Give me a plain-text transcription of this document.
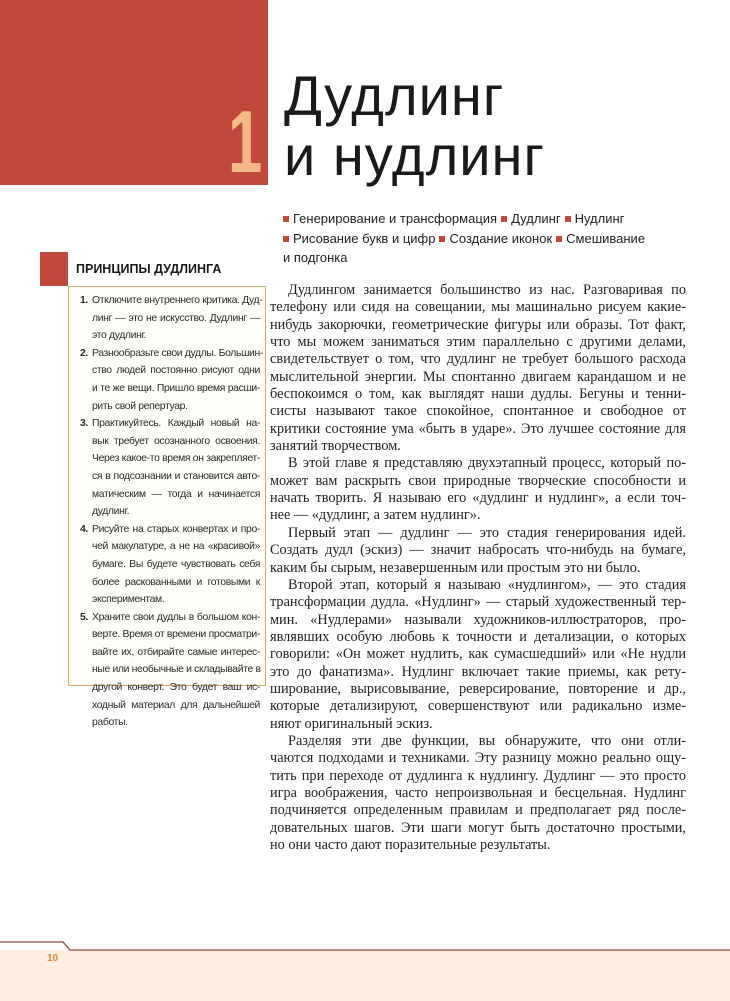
1 Дудлинг
и нудлинг
Генерирование и трансформация Дудлинг Нудлинг
Рисование букв и цифр Создание иконок Смешивание
и подгонка
ПРИНЦИПЫ ДУДЛИНГА
1. Отключите внутреннего критика. Дуд-
линг — это не искусство. Дудлинг —
это дудлинг.
2. Разнообразьте свои дудлы. Большин-
ство людей постоянно рисуют одни
и те же вещи. Пришло время расши-
рить свой репертуар.
3. Практикуйтесь. Каждый новый на-
вык требует осознанного освоения.
Через какое-то время он закрепляет-
ся в подсознании и становится авто-
матическим — тогда и начинается
дудлинг.
4. Рисуйте на старых конвертах и про-
чей макулатуре, а не на «красивой»
бумаге. Вы будете чувствовать себя
более раскованными и готовыми к
экспериментам.
5. Храните свои дудлы в большом кон-
верте. Время от времени просматри-
вайте их, отбирайте самые интерес-
ные или необычные и складывайте в
другой конверт. Это будет ваш ис-
ходный материал для дальнейшей
работы.
Дудлингом занимается большинство из нас. Разговаривая по
телефону или сидя на совещании, мы машинально рисуем какие-
нибудь закорючки, геометрические фигуры или образы. Тот факт,
что мы можем заниматься этим параллельно с другими делами,
свидетельствует о том, что дудлинг не требует большого расхода
мыслительной энергии. Мы спонтанно двигаем карандашом и не
беспокоимся о том, как выглядят наши дудлы. Бегуны и тенни-
систы называют такое спокойное, спонтанное и свободное от
критики состояние ума «быть в ударе». Это лучшее состояние для
занятий творчеством.
В этой главе я представляю двухэтапный процесс, который по-
может вам раскрыть свои природные творческие способности и
начать творить. Я называю его «дудлинг и нудлинг», а если точ-
нее — «дудлинг, а затем нудлинг».
Первый этап — дудлинг — это стадия генерирования идей.
Создать дудл (эскиз) — значит набросать что-нибудь на бумаге,
каким бы сырым, незавершенным или простым это ни было.
Второй этап, который я называю «нудлингом», — это стадия
трансформации дудла. «Нудлинг» — старый художественный тер-
мин. «Нудлерами» называли художников-иллюстраторов, про-
являвших особую любовь к точности и детализации, о которых
говорили: «Он может нудлить, как сумасшедший» или «Не нудли
это до фанатизма». Нудлинг включает такие приемы, как рету-
ширование, вырисовывание, реверсирование, повторение и др.,
которые детализируют, совершенствуют или радикально изме-
няют оригинальный эскиз.
Разделяя эти две функции, вы обнаружите, что они отли-
чаются подходами и техниками. Эту разницу можно реально ощу-
тить при переходе от дудлинга к нудлингу. Дудлинг — это просто
игра воображения, часто непроизвольная и бесцельная. Нудлинг
подчиняется определенным правилам и предполагает ряд после-
довательных шагов. Эти шаги могут быть достаточно простыми,
но они часто дают поразительные результаты.
10
